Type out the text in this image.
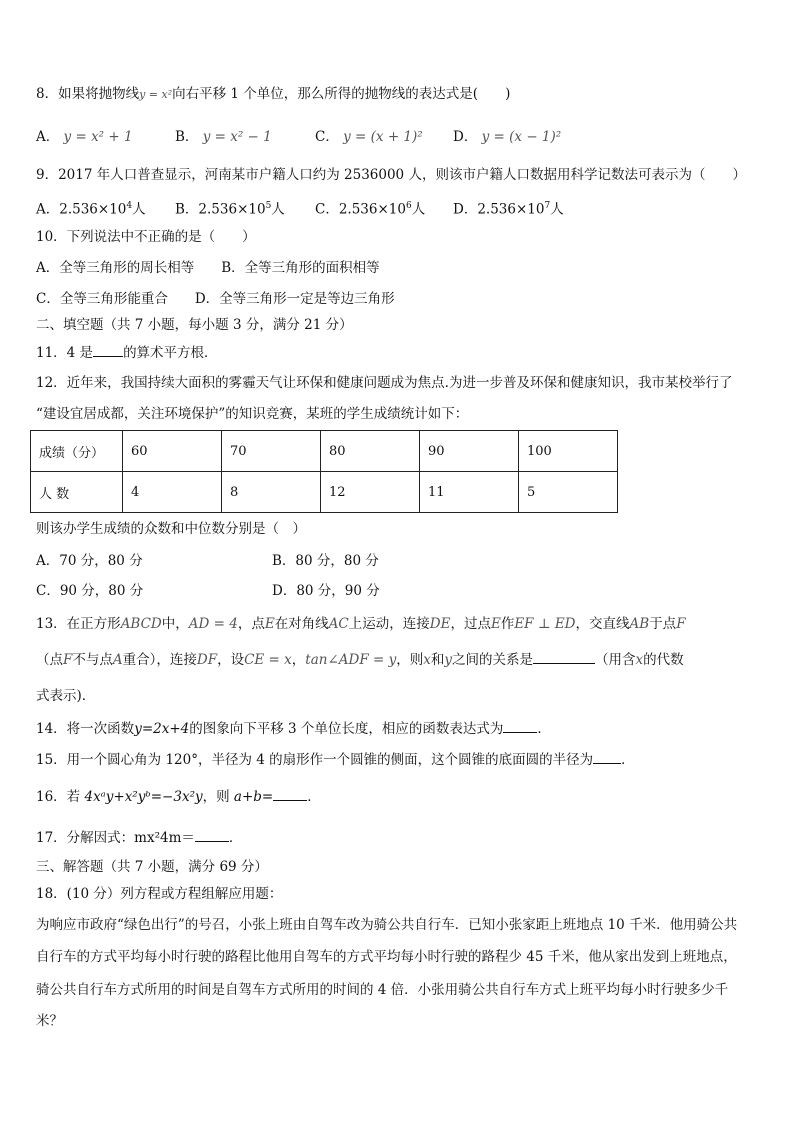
8．如果将抛物线y = x²向右平移 1 个单位，那么所得的抛物线的表达式是(　　)
A． y = x² + 1	B． y = x² − 1	C． y = (x + 1)² D． y = (x − 1)²
9．2017 年人口普查显示，河南某市户籍人口约为 2536000 人，则该市户籍人口数据用科学记数法可表示为（　　）
A．$2.536\times 10^4$人 B．$2.536\times 10^5$人 C．$2.536\times 10^6$人 D．$2.536\times 10^7$人
10．下列说法中不正确的是（　　）
A．全等三角形的周长相等　　B．全等三角形的面积相等
C．全等三角形能重合　　D．全等三角形一定是等边三角形
二、填空题（共 7 小题，每小题 3 分，满分 21 分）
11．4 是 的算术平方根．
12．近年来，我国持续大面积的雾霾天气让环保和健康问题成为焦点.为进一步普及环保和健康知识，我市某校举行了
“建设宜居成都，关注环境保护”的知识竞赛，某班的学生成绩统计如下：
成绩（分）	60	70	80	90	100
人 数	4	8	12	11	5
则该办学生成绩的众数和中位数分别是（　）
A．70 分，80 分	B．80 分，80 分
C．90 分，80 分	D．80 分，90 分
13．在正方形ABCD中，AD = 4，点E在对角线AC上运动，连接DE，过点E作EF ⊥ ED，交直线AB于点F
（点F不与点A重合），连接DF，设CE = x，tan∠ADF = y，则x和y之间的关系是	（用含x的代数
式表示)．
14．将一次函数y=2x+4的图象向下平移 3 个单位长度，相应的函数表达式为	．
15．用一个圆心角为 120°，半径为 4 的扇形作一个圆锥的侧面，这个圆锥的底面圆的半径为 ．
16．若 4xᵃy+x²yᵇ=−3x²y，则 a+b=	．
17．分解因式：mx²4m＝	．
三、解答题（共 7 小题，满分 69 分）
18．(10 分）列方程或方程组解应用题：
为响应市政府“绿色出行”的号召，小张上班由自驾车改为骑公共自行车．已知小张家距上班地点 10 千米．他用骑公共
自行车的方式平均每小时行驶的路程比他用自驾车的方式平均每小时行驶的路程少 45 千米，他从家出发到上班地点，
骑公共自行车方式所用的时间是自驾车方式所用的时间的 4 倍．小张用骑公共自行车方式上班平均每小时行驶多少千
米？
